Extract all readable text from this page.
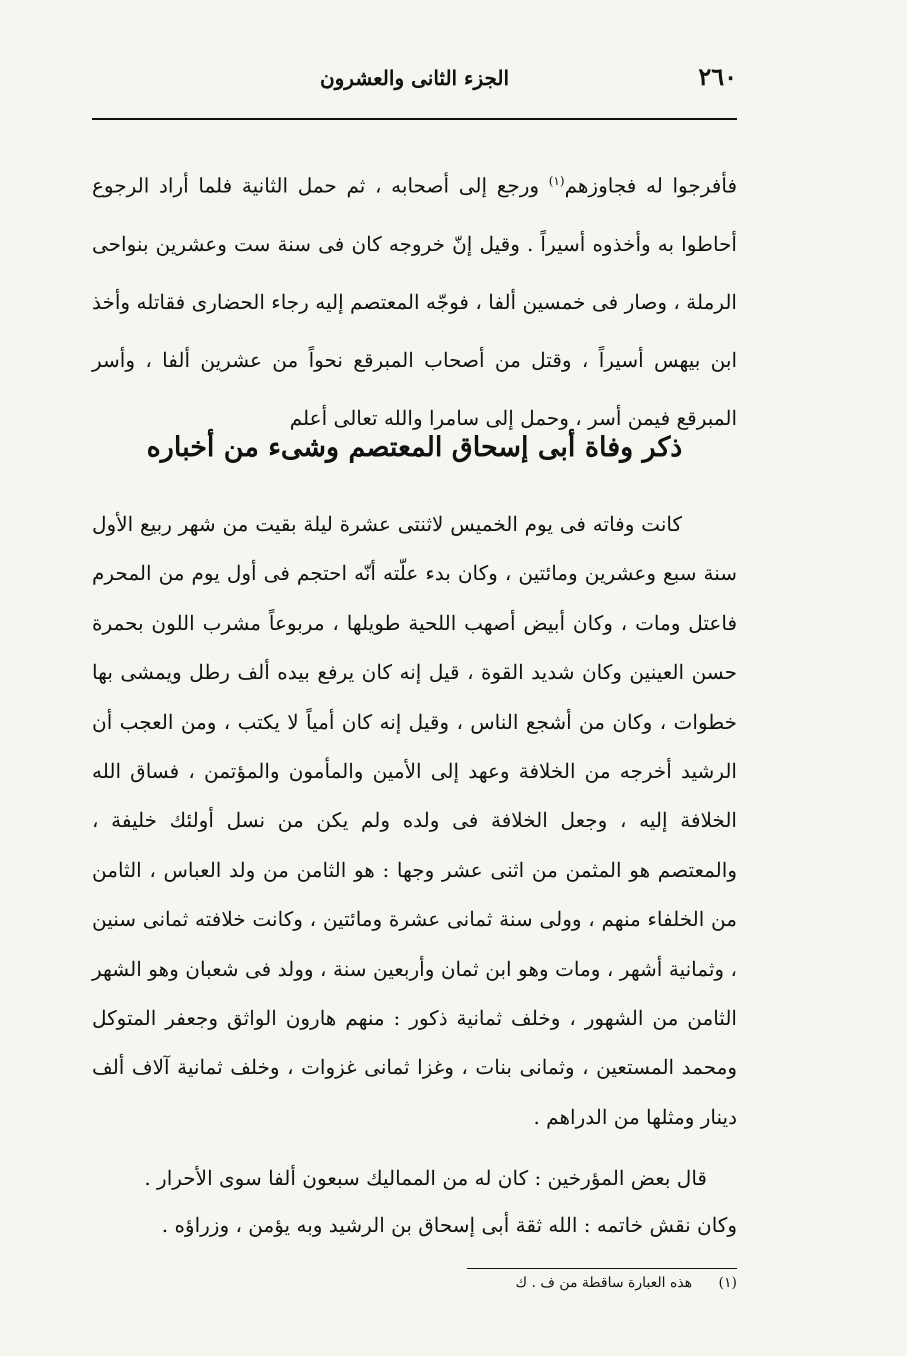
٢٦٠
الجزء الثانى والعشرون

فأفرجوا له فجاوزهم$^{(١)}$ ورجع إلى أصحابه ، ثم حمل الثانية فلما أراد الرجوع أحاطوا به وأخذوه أسيراً . وقيل إنّ خروجه كان فى سنة ست وعشرين بنواحى الرملة ، وصار فى خمسين ألفا ، فوجّه المعتصم إليه رجاء الحضارى فقاتله وأخذ ابن بيهس أسيراً ، وقتل من أصحاب المبرقع نحواً من عشرين ألفا ، وأسر المبرقع فيمن أسر ، وحمل إلى سامرا والله تعالى أعلم

ذكر وفاة أبى إسحاق المعتصم وشىء من أخباره

كانت وفاته فى يوم الخميس لاثنتى عشرة ليلة بقيت من شهر ربيع الأول سنة سبع وعشرين ومائتين ، وكان بدء علّته أنّه احتجم فى أول يوم من المحرم فاعتل ومات ، وكان أبيض أصهب اللحية طويلها ، مربوعاً مشرب اللون بحمرة حسن العينين وكان شديد القوة ، قيل إنه كان يرفع بيده ألف رطل ويمشى بها خطوات ، وكان من أشجع الناس ، وقيل إنه كان أمياً لا يكتب ، ومن العجب أن الرشيد أخرجه من الخلافة وعهد إلى الأمين والمأمون والمؤتمن ، فساق الله الخلافة إليه ، وجعل الخلافة فى ولده ولم يكن من نسل أولئك خليفة ، والمعتصم هو المثمن من اثنى عشر وجها : هو الثامن من ولد العباس ، الثامن من الخلفاء منهم ، وولى سنة ثمانى عشرة ومائتين ، وكانت خلافته ثمانى سنين ، وثمانية أشهر ، ومات وهو ابن ثمان وأربعين سنة ، وولد فى شعبان وهو الشهر الثامن من الشهور ، وخلف ثمانية ذكور : منهم هارون الواثق وجعفر المتوكل ومحمد المستعين ، وثمانى بنات ، وغزا ثمانى غزوات ، وخلف ثمانية آلاف ألف دينار ومثلها من الدراهم .

قال بعض المؤرخين : كان له من المماليك سبعون ألفا سوى الأحرار .

وكان نقش خاتمه : الله ثقة أبى إسحاق بن الرشيد وبه يؤمن ، وزراؤه .

(١) هذه العبارة ساقطة من ف . ك
